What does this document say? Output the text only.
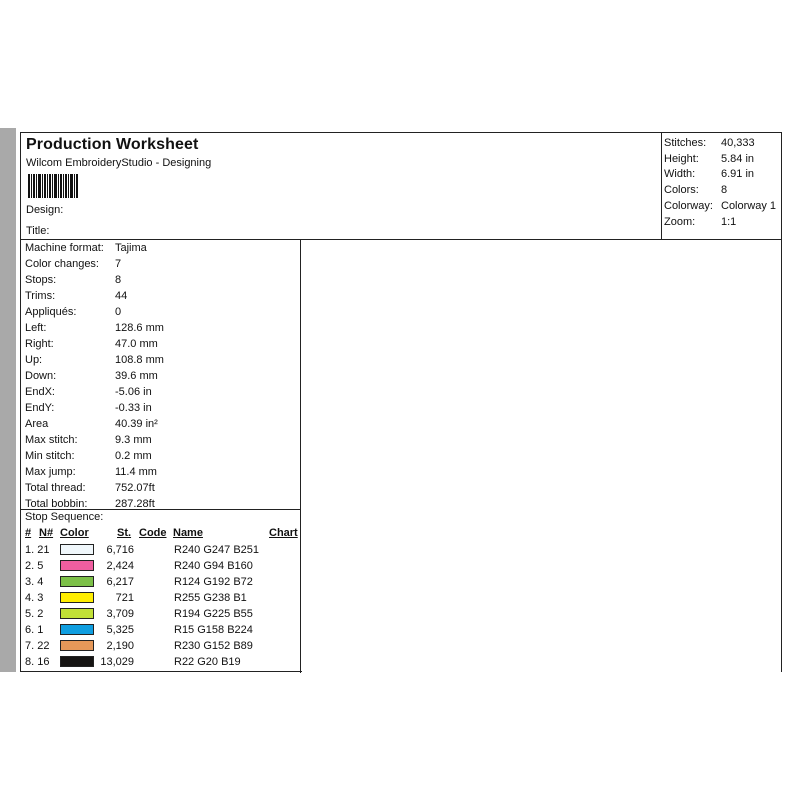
Production Worksheet
Wilcom EmbroideryStudio - Designing
Design:
Title:
Stitches:	40,333
Height:	5.84 in
Width:	6.91 in
Colors:	8
Colorway: Colorway 1
Zoom:	1:1
Machine format:	Tajima
Color changes:	7
Stops:	8
Trims:	44
Appliqués:	0
Left:	128.6 mm
Right:	47.0 mm
Up:	108.8 mm
Down:	39.6 mm
EndX:	-5.06 in
EndY:	-0.33 in
Area	40.39 in²
Max stitch:	9.3 mm
Min stitch:	0.2 mm
Max jump:	11.4 mm
Total thread:	752.07ft
Total bobbin:	287.28ft
Stop Sequence:
# N# Color	St. Code Name	Chart
1. 21	6,716	R240 G247 B251
2. 5	2,424	R240 G94 B160
3. 4	6,217	R124 G192 B72
4. 3	721	R255 G238 B1
5. 2	3,709	R194 G225 B55
6. 1	5,325	R15 G158 B224
7. 22	2,190	R230 G152 B89
8. 16	13,029	R22 G20 B19
